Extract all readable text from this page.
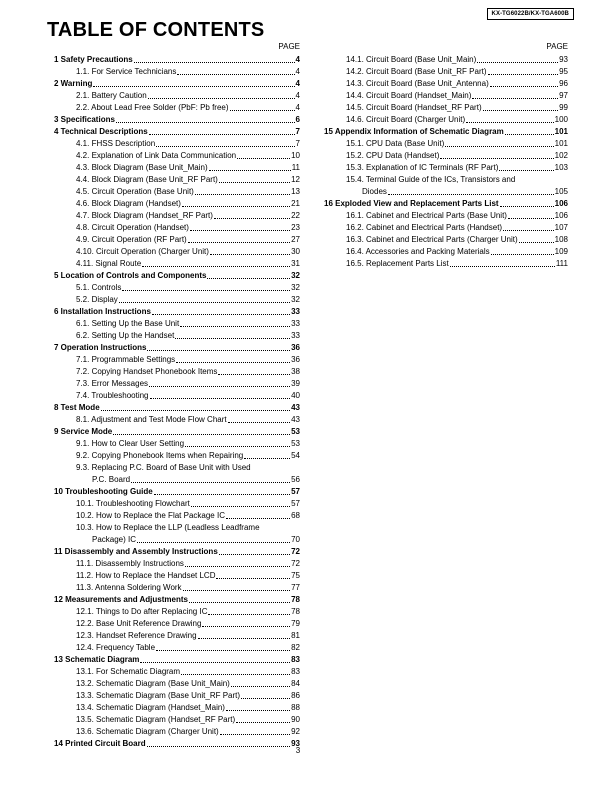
KX-TG6022B/KX-TGA600B
TABLE OF CONTENTS
PAGE
1 Safety Precautions	4
1.1. For Service Technicians	4
2 Warning	4
2.1. Battery Caution	4
2.2. About Lead Free Solder (PbF: Pb free)	4
3 Specifications	6
4 Technical Descriptions	7
4.1. FHSS Description	7
4.2. Explanation of Link Data Communication	10
4.3. Block Diagram (Base Unit_Main)	11
4.4. Block Diagram (Base Unit_RF Part)	12
4.5. Circuit Operation (Base Unit)	13
4.6. Block Diagram (Handset)	21
4.7. Block Diagram (Handset_RF Part)	22
4.8. Circuit Operation (Handset)	23
4.9. Circuit Operation (RF Part)	27
4.10. Circuit Operation (Charger Unit)	30
4.11. Signal Route	31
5 Location of Controls and Components	32
5.1. Controls	32
5.2. Display	32
6 Installation Instructions	33
6.1. Setting Up the Base Unit	33
6.2. Setting Up the Handset	33
7 Operation Instructions	36
7.1. Programmable Settings	36
7.2. Copying Handset Phonebook Items	38
7.3. Error Messages	39
7.4. Troubleshooting	40
8 Test Mode	43
8.1. Adjustment and Test Mode Flow Chart	43
9 Service Mode	53
9.1. How to Clear User Setting	53
9.2. Copying Phonebook Items when Repairing	54
9.3. Replacing P.C. Board of Base Unit with Used
P.C. Board	56
10 Troubleshooting Guide	57
10.1. Troubleshooting Flowchart	57
10.2. How to Replace the Flat Package IC	68
10.3. How to Replace the LLP (Leadless Leadframe
Package) IC	70
11 Disassembly and Assembly Instructions	72
11.1. Disassembly Instructions	72
11.2. How to Replace the Handset LCD	75
11.3. Antenna Soldering Work	77
12 Measurements and Adjustments	78
12.1. Things to Do after Replacing IC	78
12.2. Base Unit Reference Drawing	79
12.3. Handset Reference Drawing	81
12.4. Frequency Table	82
13 Schematic Diagram	83
13.1. For Schematic Diagram	83
13.2. Schematic Diagram (Base Unit_Main)	84
13.3. Schematic Diagram (Base Unit_RF Part)	86
13.4. Schematic Diagram (Handset_Main)	88
13.5. Schematic Diagram (Handset_RF Part)	90
13.6. Schematic Diagram (Charger Unit)	92
14 Printed Circuit Board	93
PAGE
14.1. Circuit Board (Base Unit_Main)	93
14.2. Circuit Board (Base Unit_RF Part)	95
14.3. Circuit Board (Base Unit_Antenna)	96
14.4. Circuit Board (Handset_Main)	97
14.5. Circuit Board (Handset_RF Part)	99
14.6. Circuit Board (Charger Unit)	100
15 Appendix Information of Schematic Diagram	101
15.1. CPU Data (Base Unit)	101
15.2. CPU Data (Handset)	102
15.3. Explanation of IC Terminals (RF Part)	103
15.4. Terminal Guide of the ICs, Transistors and
Diodes	105
16 Exploded View and Replacement Parts List	106
16.1. Cabinet and Electrical Parts (Base Unit)	106
16.2. Cabinet and Electrical Parts (Handset)	107
16.3. Cabinet and Electrical Parts (Charger Unit)	108
16.4. Accessories and Packing Materials	109
16.5. Replacement Parts List	111
3
